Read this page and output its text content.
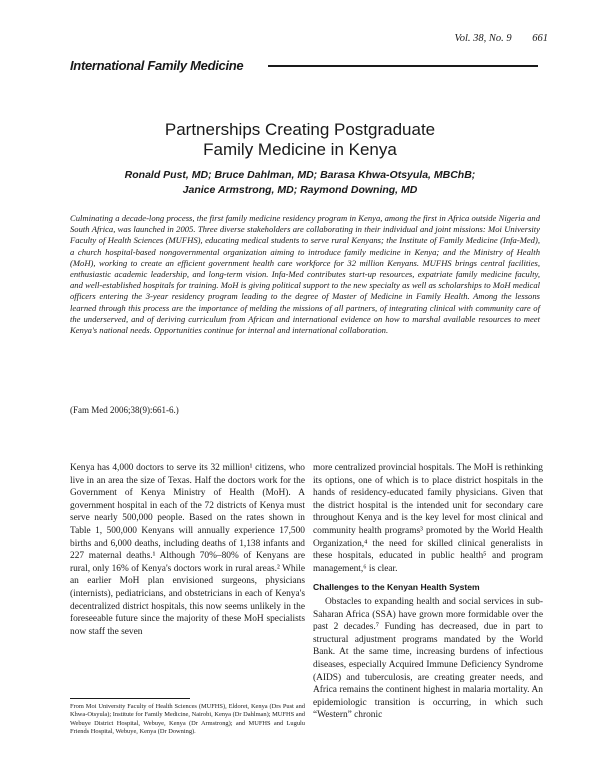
Vol. 38, No. 9 661
International Family Medicine
Partnerships Creating Postgraduate
Family Medicine in Kenya
Ronald Pust, MD; Bruce Dahlman, MD; Barasa Khwa-Otsyula, MBChB;
Janice Armstrong, MD; Raymond Downing, MD
Culminating a decade-long process, the first family medicine residency program in Kenya, among the first in Africa outside Nigeria and South Africa, was launched in 2005. Three diverse stakeholders are collaborating in their individual and joint missions: Moi University Faculty of Health Sciences (MUFHS), educating medical students to serve rural Kenyans; the Institute of Family Medicine (Infa-Med), a church hospital-based nongovernmental organization aiming to introduce family medicine in Kenya; and the Ministry of Health (MoH), working to create an efficient government health care workforce for 32 million Kenyans. MUFHS brings central facilities, enthusiastic academic leadership, and long-term vision. Infa-Med contributes start-up resources, expatriate family medicine faculty, and well-established hospitals for training. MoH is giving political support to the new specialty as well as scholarships to MoH medical officers entering the 3-year residency program leading to the degree of Master of Medicine in Family Health. Among the lessons learned through this process are the importance of melding the missions of all partners, of integrating clinical with community care of the underserved, and of deriving curriculum from African and international evidence on how to marshal available resources to meet Kenya's national needs. Opportunities continue for internal and international collaboration.
(Fam Med 2006;38(9):661-6.)

Kenya has 4,000 doctors to serve its 32 million¹ citizens, who live in an area the size of Texas. Half the doctors work for the Government of Kenya Ministry of Health (MoH). A government hospital in each of the 72 districts of Kenya must serve nearly 500,000 people. Based on the rates shown in Table 1, 500,000 Kenyans will annually experience 17,500 births and 6,000 deaths, including deaths of 1,138 infants and 227 maternal deaths.¹ Although 70%–80% of Kenyans are rural, only 16% of Kenya's doctors work in rural areas.² While an earlier MoH plan envisioned surgeons, physicians (internists), pediatricians, and obstetricians in each of Kenya's decentralized district hospitals, this now seems unlikely in the foreseeable future since the majority of these MoH specialists now staff the seven

more centralized provincial hospitals. The MoH is rethinking its options, one of which is to place district hospitals in the hands of residency-educated family physicians. Given that the district hospital is the intended unit for secondary care throughout Kenya and is the key level for most clinical and community health programs³ promoted by the World Health Organization,⁴ the need for skilled clinical generalists in these hospitals, educated in public health⁵ and program management,⁶ is clear.

Challenges to the Kenyan Health System

Obstacles to expanding health and social services in sub-Saharan Africa (SSA) have grown more formidable over the past 2 decades.⁷ Funding has decreased, due in part to structural adjustment programs mandated by the World Bank. At the same time, increasing burdens of infectious diseases, especially Acquired Immune Deficiency Syndrome (AIDS) and tuberculosis, are creating greater needs, and Africa remains the continent highest in malaria mortality. An epidemiologic transition is occurring, in which such “Western” chronic

From Moi University Faculty of Health Sciences (MUFHS), Eldoret, Kenya (Drs Pust and Khwa-Otsyula); Institute for Family Medicine, Nairobi, Kenya (Dr Dahlman); MUFHS and Webuye District Hospital, Webuye, Kenya (Dr Armstrong); and MUFHS and Lugulu Friends Hospital, Webuye, Kenya (Dr Downing).
